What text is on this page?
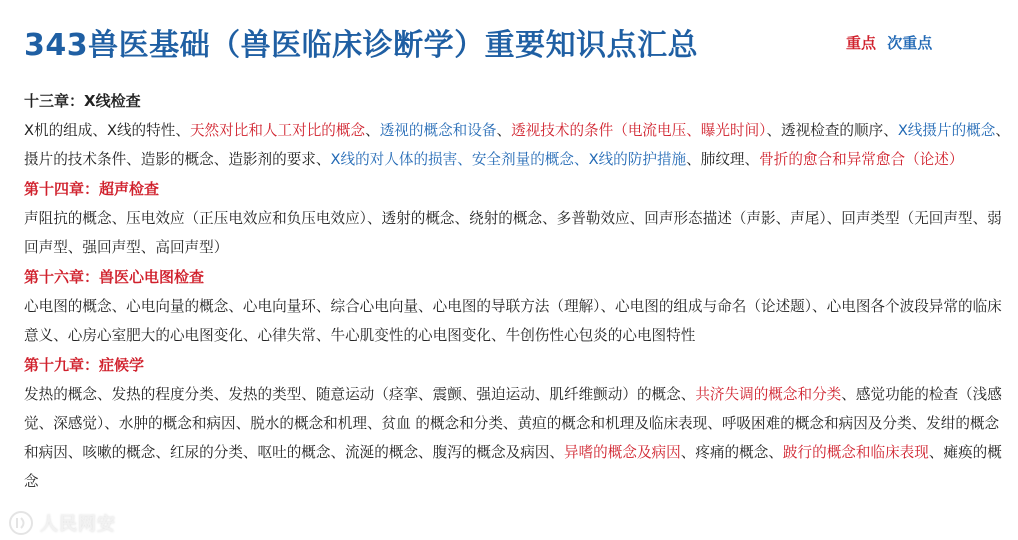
343兽医基础（兽医临床诊断学）重要知识点汇总	重点 次重点
十三章：X线检查
X机的组成、X线的特性、天然对比和人工对比的概念、透视的概念和设备、透视技术的条件（电流电压、曝光时间）、透视检查的顺序、X线摄片的概念、摄片的技术条件、造影的概念、造影剂的要求、X线的对人体的损害、安全剂量的概念、X线的防护措施、肺纹理、骨折的愈合和异常愈合（论述）
第十四章：超声检查
声阻抗的概念、压电效应（正压电效应和负压电效应）、透射的概念、绕射的概念、多普勒效应、回声形态描述（声影、声尾）、回声类型（无回声型、弱回声型、强回声型、高回声型）
第十六章：兽医心电图检查
心电图的概念、心电向量的概念、心电向量环、综合心电向量、心电图的导联方法（理解）、心电图的组成与命名（论述题）、心电图各个波段异常的临床意义、心房心室肥大的心电图变化、心律失常、牛心肌变性的心电图变化、牛创伤性心包炎的心电图特性
第十九章：症候学
发热的概念、发热的程度分类、发热的类型、随意运动（痉挛、震颤、强迫运动、肌纤维颤动）的概念、共济失调的概念和分类、感觉功能的检查（浅感觉、深感觉）、水肿的概念和病因、脱水的概念和机理、贫血 的概念和分类、黄疸的概念和机理及临床表现、呼吸困难的概念和病因及分类、发绀的概念和病因、咳嗽的概念、红尿的分类、呕吐的概念、流涎的概念、腹泻的概念及病因、异嗜的概念及病因、疼痛的概念、跛行的概念和临床表现、瘫痪的概念
人民网安
